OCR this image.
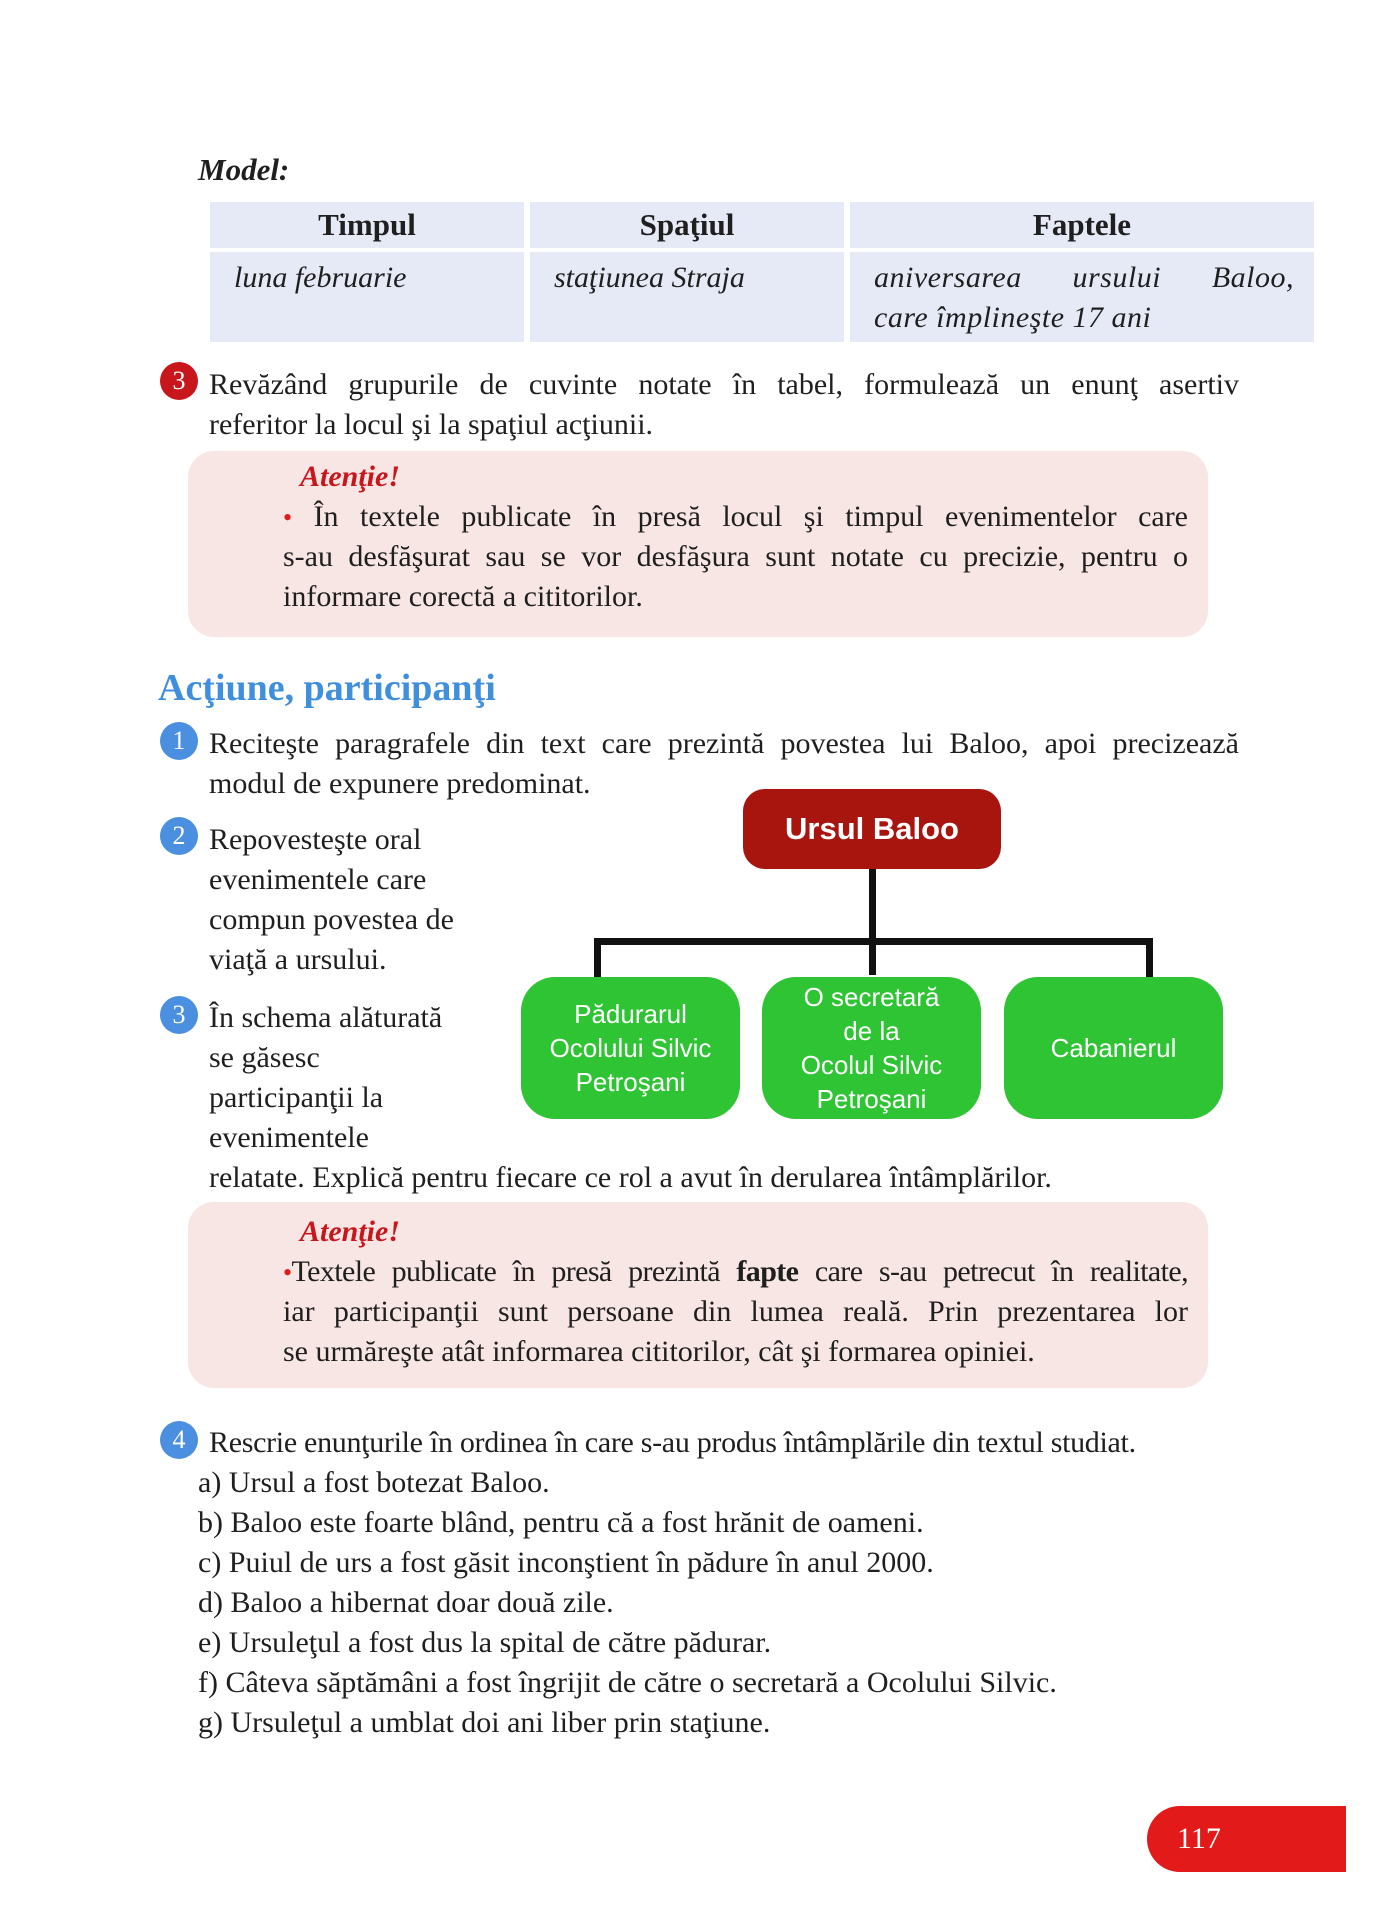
Model:
Timpul	Spaţiul	Faptele
luna februarie	staţiunea Straja	aniversarea ursului Baloo,
care împlineşte 17 ani
3 Revăzând grupurile de cuvinte notate în tabel, formulează un enunţ asertiv
referitor la locul şi la spaţiul acţiunii.
Atenţie!
• În textele publicate în presă locul şi timpul evenimentelor care
s-au desfăşurat sau se vor desfăşura sunt notate cu precizie, pentru o
informare corectă a cititorilor.
Acţiune, participanţi
1 Reciteşte paragrafele din text care prezintă povestea lui Baloo, apoi precizează
modul de expunere predominat.
2 Repovesteşte oral
evenimentele care
compun povestea de
viaţă a ursului.
3 În schema alăturată
se găsesc
participanţii la
evenimentele
relatate. Explică pentru fiecare ce rol a avut în derularea întâmplărilor.
Ursul Baloo
Pădurarul
Ocolului Silvic
Petroşani
O secretară
de la
Ocolul Silvic
Petroşani
Cabanierul
Atenţie!
•Textele publicate în presă prezintă fapte care s-au petrecut în realitate,
iar participanţii sunt persoane din lumea reală. Prin prezentarea lor
se urmăreşte atât informarea cititorilor, cât şi formarea opiniei.
4 Rescrie enunţurile în ordinea în care s-au produs întâmplările din textul studiat.
a) Ursul a fost botezat Baloo.
b) Baloo este foarte blând, pentru că a fost hrănit de oameni.
c) Puiul de urs a fost găsit inconştient în pădure în anul 2000.
d) Baloo a hibernat doar două zile.
e) Ursuleţul a fost dus la spital de către pădurar.
f) Câteva săptămâni a fost îngrijit de către o secretară a Ocolului Silvic.
g) Ursuleţul a umblat doi ani liber prin staţiune.
117
